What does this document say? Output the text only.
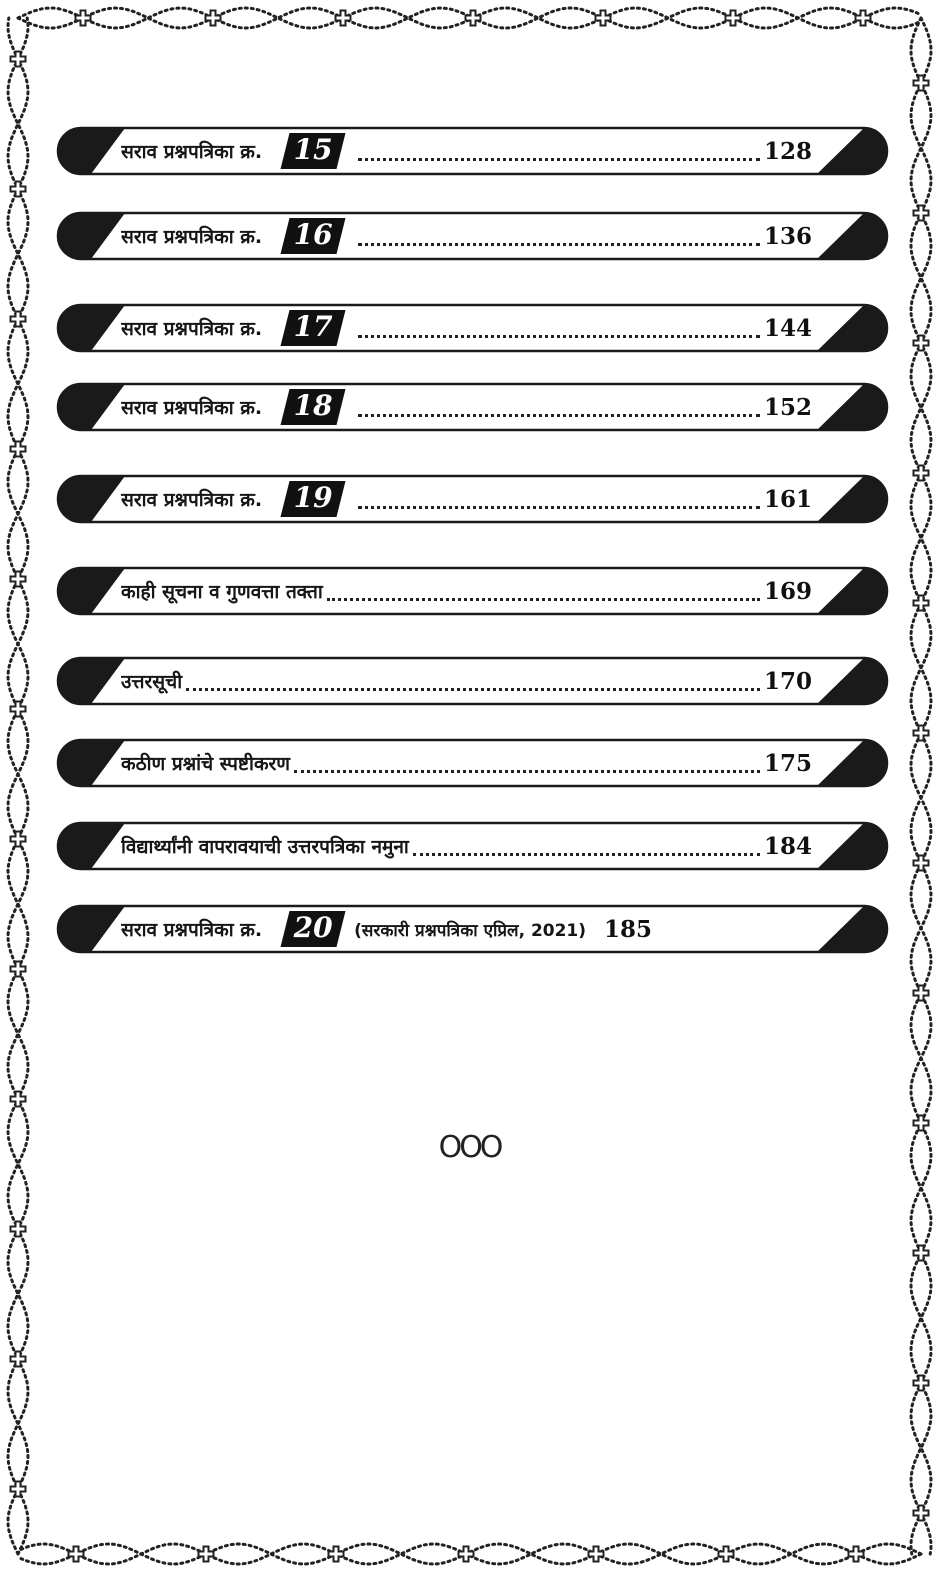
सराव प्रश्नपत्रिका क्र.	15	128
सराव प्रश्नपत्रिका क्र.	16	136
सराव प्रश्नपत्रिका क्र.	17	144
सराव प्रश्नपत्रिका क्र.	18	152
सराव प्रश्नपत्रिका क्र.	19	161
काही सूचना व गुणवत्ता तक्ता	169
उत्तरसूची	170
कठीण प्रश्नांचे स्पष्टीकरण	175
विद्यार्थ्यांनी वापरावयाची उत्तरपत्रिका नमुना	184
सराव प्रश्नपत्रिका क्र.	20	(सरकारी प्रश्नपत्रिका एप्रिल, 2021) 185
OOO
